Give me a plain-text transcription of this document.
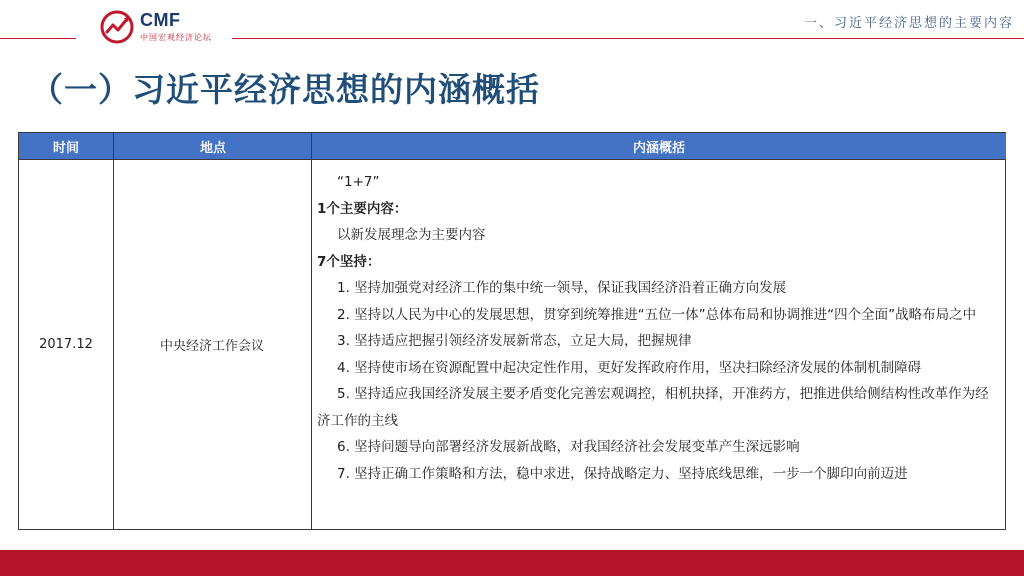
CMF
中国宏观经济论坛
一、习近平经济思想的主要内容
（一）习近平经济思想的内涵概括
时间	地点	内涵概括
2017.12	中央经济工作会议

“1+7”

1个主要内容：

以新发展理念为主要内容

7个坚持：

1. 坚持加强党对经济工作的集中统一领导，保证我国经济沿着正确方向发展

2. 坚持以人民为中心的发展思想，贯穿到统筹推进“五位一体”总体布局和协调推进“四个全面”战略布局之中

3. 坚持适应把握引领经济发展新常态，立足大局，把握规律

4. 坚持使市场在资源配置中起决定性作用，更好发挥政府作用，坚决扫除经济发展的体制机制障碍

5. 坚持适应我国经济发展主要矛盾变化完善宏观调控，相机抉择，开准药方，把推进供给侧结构性改革作为经济工作的主线

6. 坚持问题导向部署经济发展新战略，对我国经济社会发展变革产生深远影响

7. 坚持正确工作策略和方法，稳中求进，保持战略定力、坚持底线思维，一步一个脚印向前迈进
